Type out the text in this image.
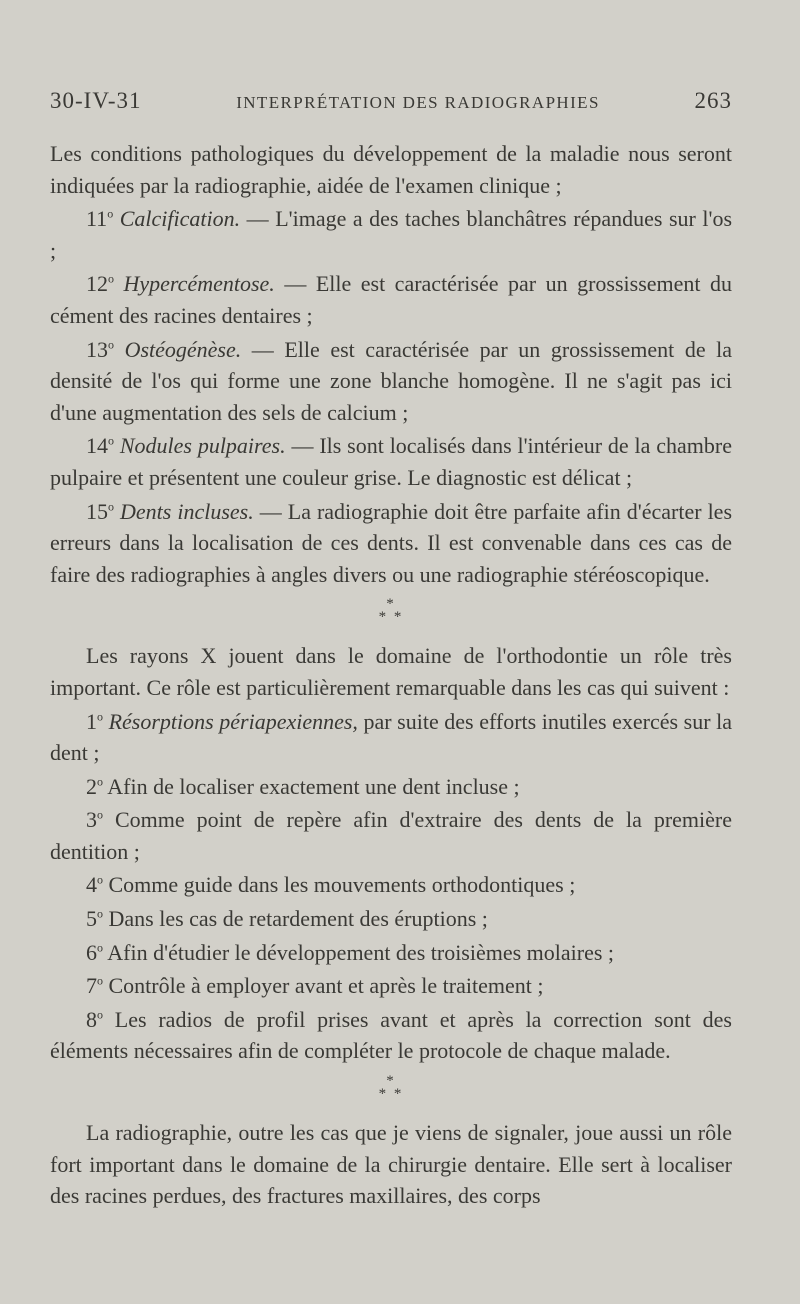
30-IV-31	INTERPRÉTATION DES RADIOGRAPHIES	263

Les conditions pathologiques du développement de la maladie nous seront indiquées par la radiographie, aidée de l'examen clinique ;

11$^o$ Calcification. — L'image a des taches blanchâtres répandues sur l'os ;

12$^o$ Hypercémentose. — Elle est caractérisée par un grossissement du cément des racines dentaires ;

13$^o$ Ostéogénèse. — Elle est caractérisée par un grossissement de la densité de l'os qui forme une zone blanche homogène. Il ne s'agit pas ici d'une augmentation des sels de calcium ;

14$^o$ Nodules pulpaires. — Ils sont localisés dans l'intérieur de la chambre pulpaire et présentent une couleur grise. Le diagnostic est délicat ;

15$^o$ Dents incluses. — La radiographie doit être parfaite afin d'écarter les erreurs dans la localisation de ces dents. Il est convenable dans ces cas de faire des radiographies à angles divers ou une radiographie stéréoscopique.

*
* *

Les rayons X jouent dans le domaine de l'orthodontie un rôle très important. Ce rôle est particulièrement remarquable dans les cas qui suivent :

1$^o$ Résorptions périapexiennes, par suite des efforts inutiles exercés sur la dent ;

2$^o$ Afin de localiser exactement une dent incluse ;

3$^o$ Comme point de repère afin d'extraire des dents de la première dentition ;

4$^o$ Comme guide dans les mouvements orthodontiques ;

5$^o$ Dans les cas de retardement des éruptions ;

6$^o$ Afin d'étudier le développement des troisièmes molaires ;

7$^o$ Contrôle à employer avant et après le traitement ;

8$^o$ Les radios de profil prises avant et après la correction sont des éléments nécessaires afin de compléter le protocole de chaque malade.

*
* *

La radiographie, outre les cas que je viens de signaler, joue aussi un rôle fort important dans le domaine de la chirurgie dentaire. Elle sert à localiser des racines perdues, des fractures maxillaires, des corps
